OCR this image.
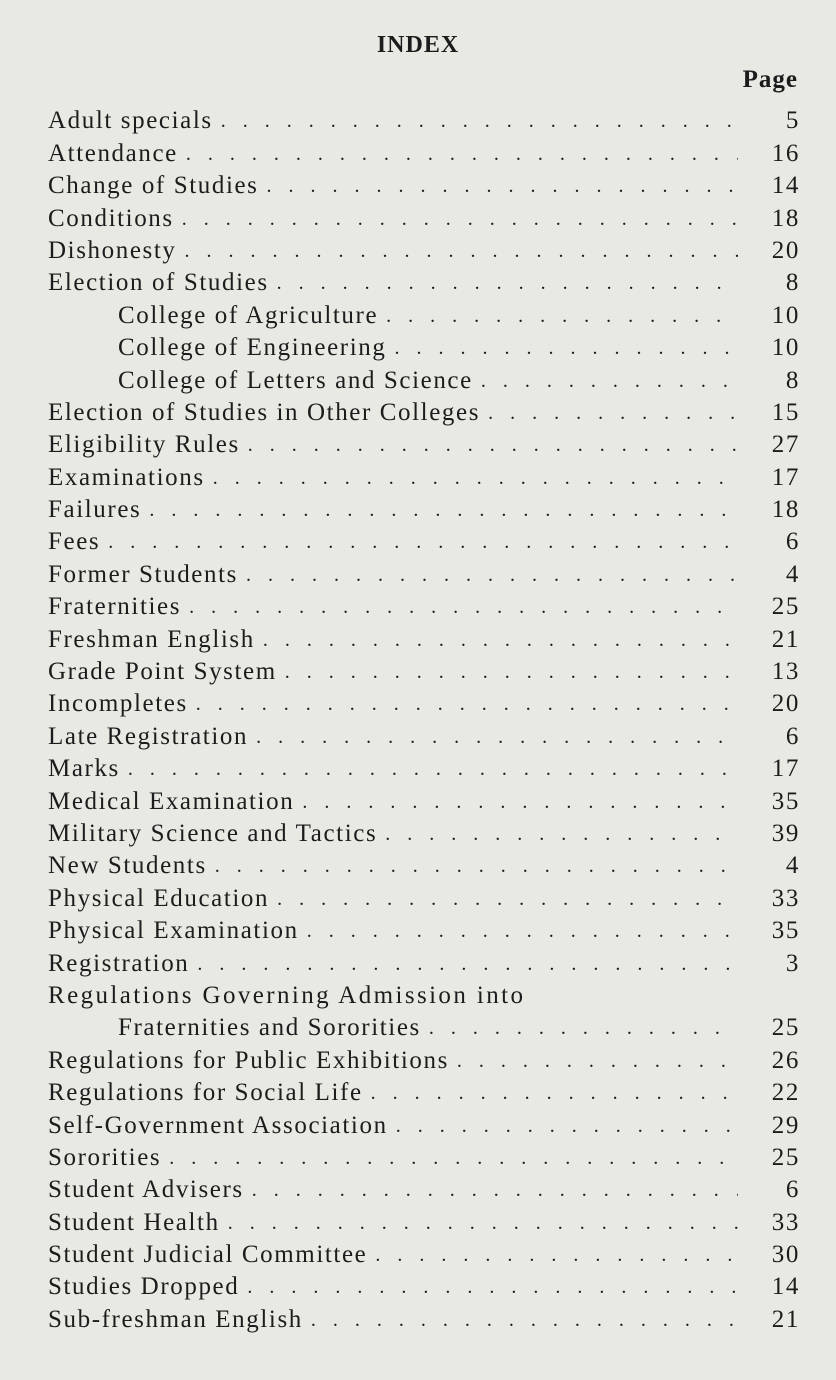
INDEX
Page
Adult specials . . .	5
Attendance . . .	16
Change of Studies . . .	14
Conditions . . .	18
Dishonesty . . .	20
Election of Studies . . .	8
College of Agriculture . . .	10
College of Engineering . . .	10
College of Letters and Science . . .	8
Election of Studies in Other Colleges . . .	15
Eligibility Rules . . .	27
Examinations . . .	17
Failures . . .	18
Fees . . .	6
Former Students . . .	4
Fraternities . . .	25
Freshman English . . .	21
Grade Point System . . .	13
Incompletes . . .	20
Late Registration . . .	6
Marks . . .	17
Medical Examination . . .	35
Military Science and Tactics . . .	39
New Students . . .	4
Physical Education . . .	33
Physical Examination . . .	35
Registration . . .	3
Regulations Governing Admission into
Fraternities and Sororities . . .	25
Regulations for Public Exhibitions . . .	26
Regulations for Social Life . . .	22
Self-Government Association . . .	29
Sororities . . .	25
Student Advisers . . .	6
Student Health . . .	33
Student Judicial Committee . . .	30
Studies Dropped . . .	14
Sub-freshman English . . .	21
